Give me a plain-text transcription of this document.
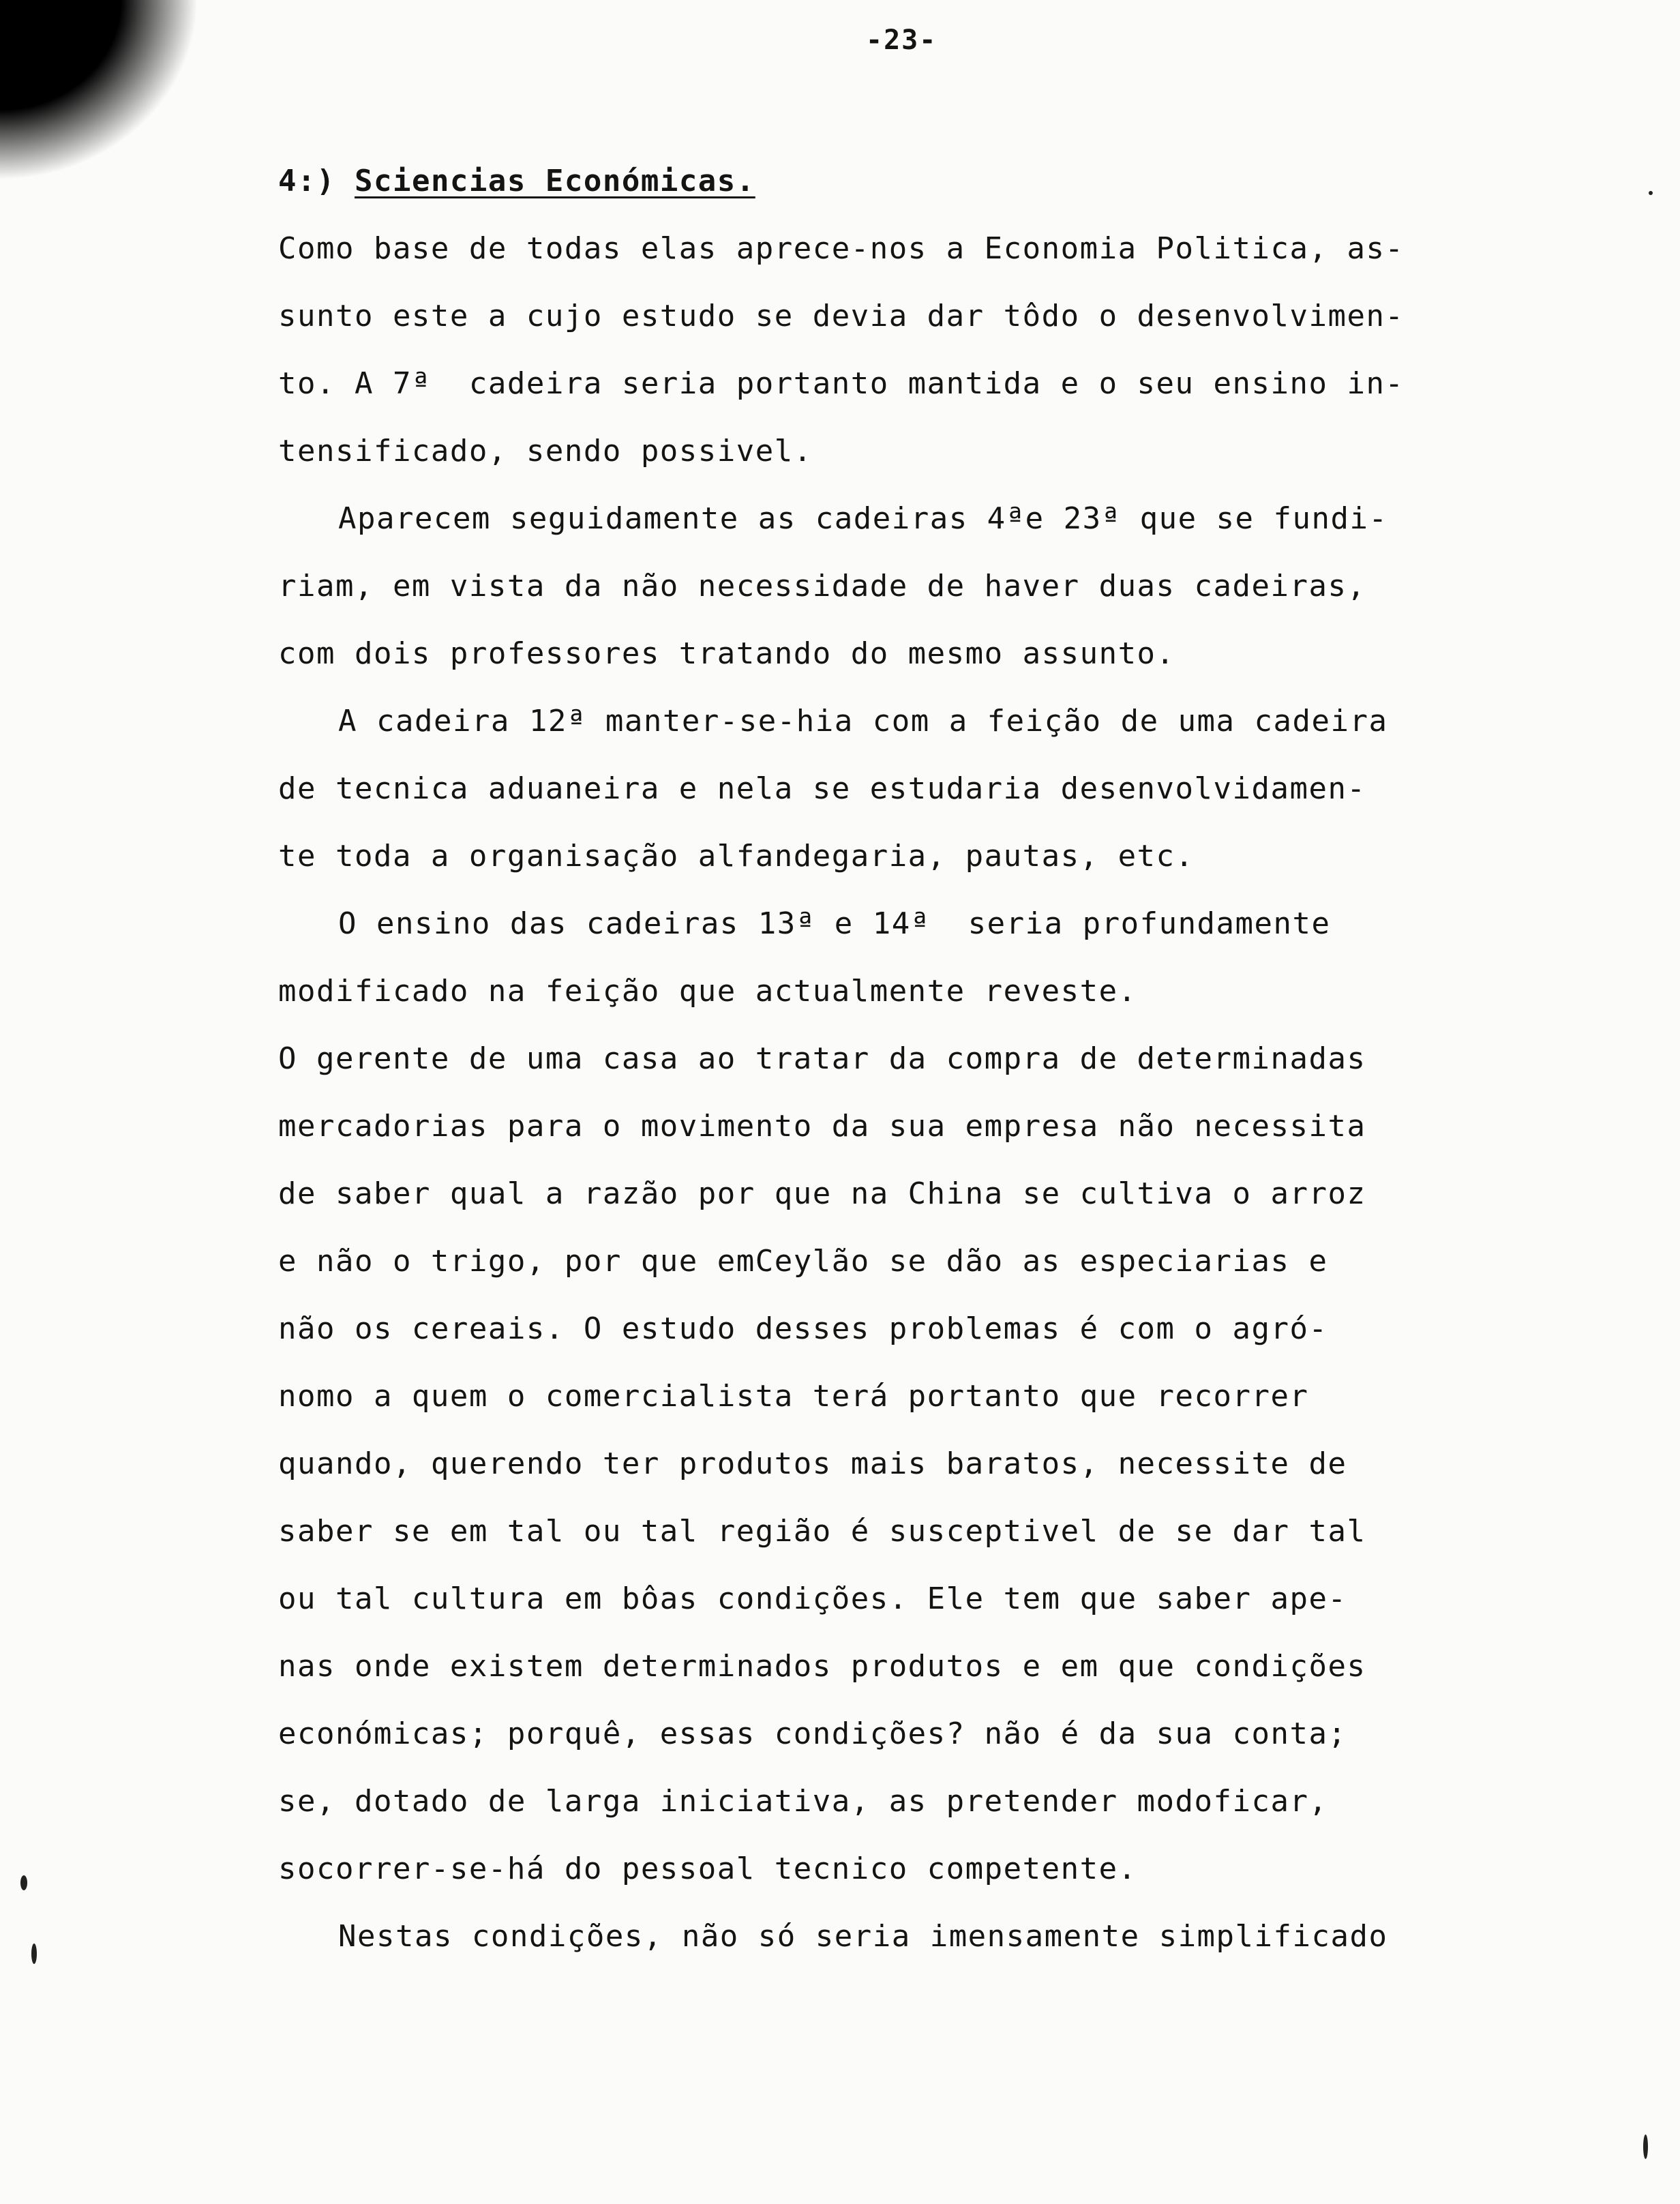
-23-
4:) Sciencias Económicas.
Como base de todas elas aprece-nos a Economia Politica, as-
sunto este a cujo estudo se devia dar tôdo o desenvolvimen-
to. A 7ª  cadeira seria portanto mantida e o seu ensino in-
tensificado, sendo possivel.
Aparecem seguidamente as cadeiras 4ªe 23ª que se fundi-
riam, em vista da não necessidade de haver duas cadeiras,
com dois professores tratando do mesmo assunto.
A cadeira 12ª manter-se-hia com a feição de uma cadeira
de tecnica aduaneira e nela se estudaria desenvolvidamen-
te toda a organisação alfandegaria, pautas, etc.
O ensino das cadeiras 13ª e 14ª  seria profundamente
modificado na feição que actualmente reveste.
O gerente de uma casa ao tratar da compra de determinadas
mercadorias para o movimento da sua empresa não necessita
de saber qual a razão por que na China se cultiva o arroz
e não o trigo, por que emCeylão se dão as especiarias e
não os cereais. O estudo desses problemas é com o agró-
nomo a quem o comercialista terá portanto que recorrer
quando, querendo ter produtos mais baratos, necessite de
saber se em tal ou tal região é susceptivel de se dar tal
ou tal cultura em bôas condições. Ele tem que saber ape-
nas onde existem determinados produtos e em que condições
económicas; porquê, essas condições? não é da sua conta;
se, dotado de larga iniciativa, as pretender modoficar,
socorrer-se-há do pessoal tecnico competente.
Nestas condições, não só seria imensamente simplificado
